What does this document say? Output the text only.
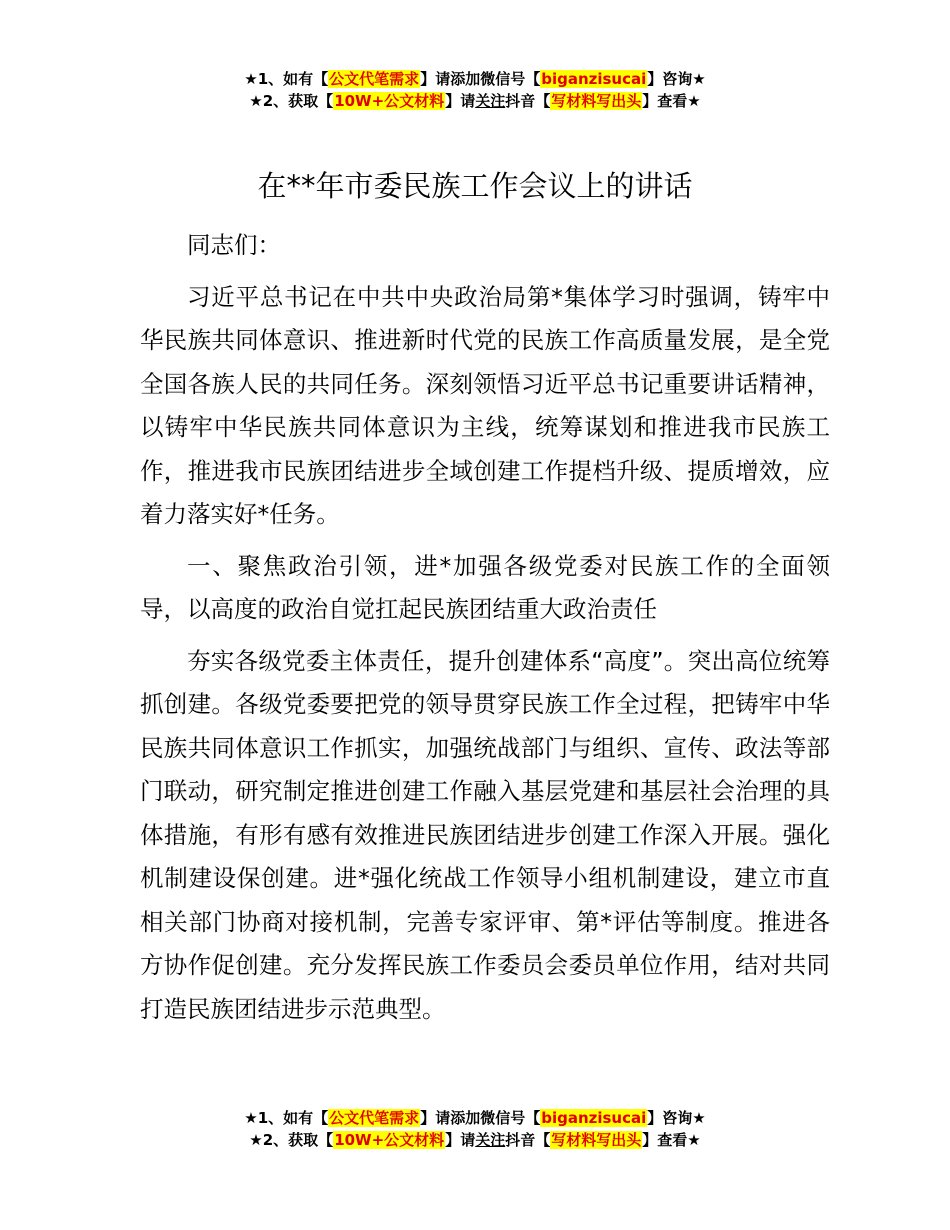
★1、如有【公文代笔需求】请添加微信号【biganzisucai】咨询★
★2、获取【10W+公文材料】请关注抖音【写材料写出头】查看★
在**年市委民族工作会议上的讲话

同志们：

习近平总书记在中共中央政治局第*集体学习时强调，铸牢中华民族共同体意识、推进新时代党的民族工作高质量发展，是全党全国各族人民的共同任务。深刻领悟习近平总书记重要讲话精神，以铸牢中华民族共同体意识为主线，统筹谋划和推进我市民族工作，推进我市民族团结进步全域创建工作提档升级、提质增效，应着力落实好*任务。

一、聚焦政治引领，进*加强各级党委对民族工作的全面领导，以高度的政治自觉扛起民族团结重大政治责任

夯实各级党委主体责任，提升创建体系“高度”。突出高位统筹抓创建。各级党委要把党的领导贯穿民族工作全过程，把铸牢中华民族共同体意识工作抓实，加强统战部门与组织、宣传、政法等部门联动，研究制定推进创建工作融入基层党建和基层社会治理的具体措施，有形有感有效推进民族团结进步创建工作深入开展。强化机制建设保创建。进*强化统战工作领导小组机制建设，建立市直相关部门协商对接机制，完善专家评审、第*评估等制度。推进各方协作促创建。充分发挥民族工作委员会委员单位作用，结对共同打造民族团结进步示范典型。

★1、如有【公文代笔需求】请添加微信号【biganzisucai】咨询★
★2、获取【10W+公文材料】请关注抖音【写材料写出头】查看★
